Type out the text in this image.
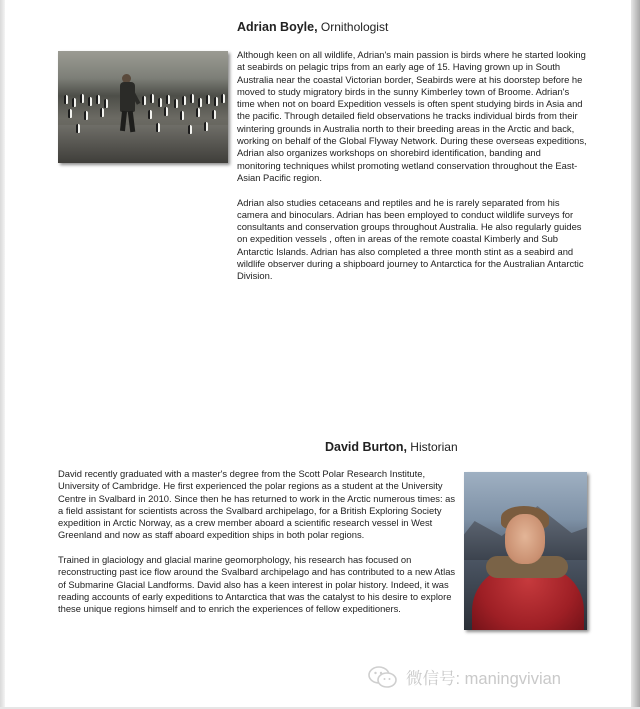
Adrian Boyle, Ornithologist

Although keen on all wildlife, Adrian's main passion is birds where he started looking at seabirds on pelagic trips from an early age of 15. Having grown up in South Australia near the coastal Victorian border, Seabirds were at his doorstep before he moved to study migratory birds in the sunny Kimberley town of Broome. Adrian's time when not on board Expedition vessels is often spent studying birds in Asia and the pacific. Through detailed field observations he tracks individual birds from their wintering grounds in Australia north to their breeding areas in the Arctic and back, working on behalf of the Global Flyway Network. During these overseas expeditions, Adrian also organizes workshops on shorebird identification, banding and monitoring techniques whilst promoting wetland conservation throughout the East-Asian Pacific region.

Adrian also studies cetaceans and reptiles and he is rarely separated from his camera and binoculars. Adrian has been employed to conduct wildlife surveys for consultants and conservation groups throughout Australia. He also regularly guides on expedition vessels , often in areas of the remote coastal Kimberly and Sub Antarctic Islands. Adrian has also completed a three month stint as a seabird and wildlife observer during a shipboard journey to Antarctica for the Australian Antarctic Division.

David Burton, Historian

David recently graduated with a master's degree from the Scott Polar Research Institute, University of Cambridge. He first experienced the polar regions as a student at the University Centre in Svalbard in 2010. Since then he has returned to work in the Arctic numerous times: as a field assistant for scientists across the Svalbard archipelago, for a British Exploring Society expedition in Arctic Norway, as a crew member aboard a scientific research vessel in West Greenland and now as staff aboard expedition ships in both polar regions.

Trained in glaciology and glacial marine geomorphology, his research has focused on reconstructing past ice flow around the Svalbard archipelago and has contributed to a new Atlas of Submarine Glacial Landforms. David also has a keen interest in polar history. Indeed, it was reading accounts of early expeditions to Antarctica that was the catalyst to his desire to explore these unique regions himself and to enrich the experiences of fellow expeditioners.

微信号: maningvivian
